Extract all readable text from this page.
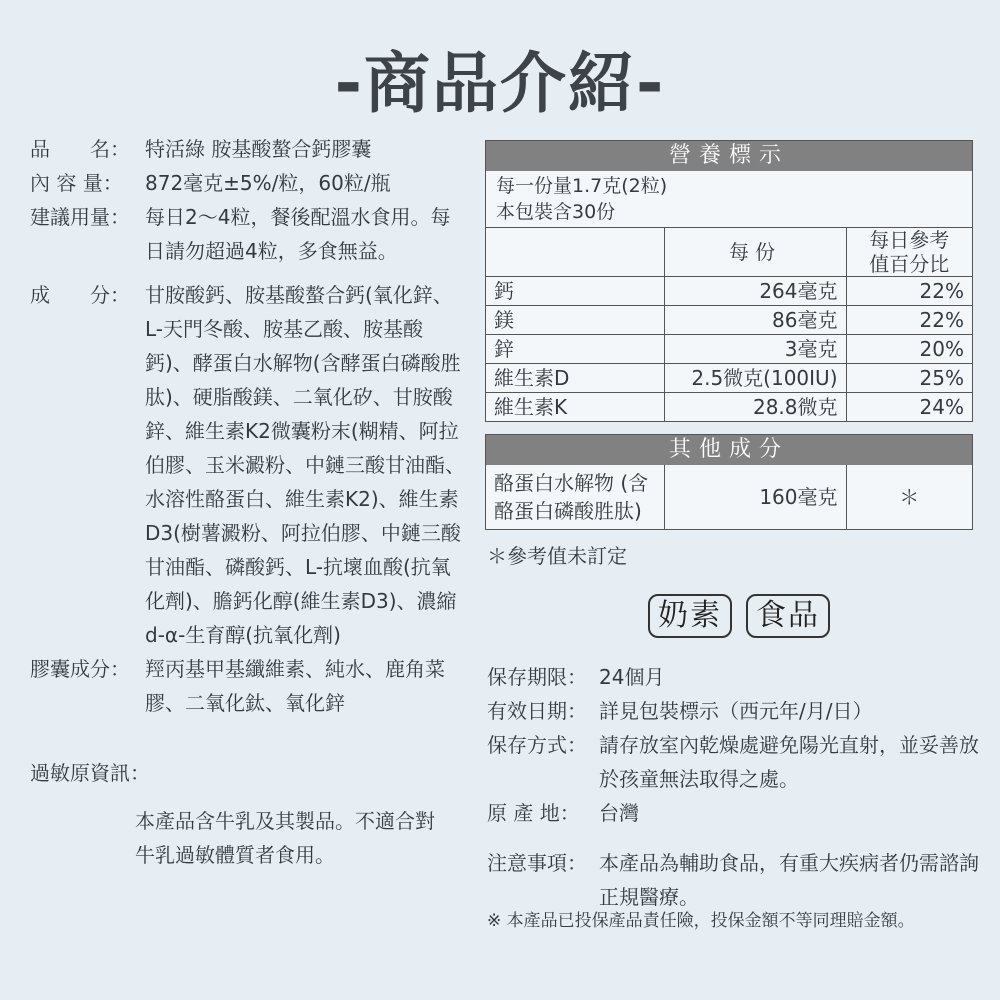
-商品介紹-
品　　名： 特活綠 胺基酸螯合鈣膠囊
內 容 量：	872毫克±5%/粒，60粒/瓶
建議用量： 每日2～4粒，餐後配溫水食用。每日請勿超過4粒，多食無益。
成　　分： 甘胺酸鈣、胺基酸螯合鈣(氧化鋅、L-天門冬酸、胺基乙酸、胺基酸鈣)、酵蛋白水解物(含酵蛋白磷酸胜肽)、硬脂酸鎂、二氧化矽、甘胺酸鋅、維生素K2微囊粉末(糊精、阿拉伯膠、玉米澱粉、中鏈三酸甘油酯、水溶性酪蛋白、維生素K2)、維生素D3(樹薯澱粉、阿拉伯膠、中鏈三酸甘油酯、磷酸鈣、L-抗壞血酸(抗氧化劑)、膽鈣化醇(維生素D3)、濃縮d-α-生育醇(抗氧化劑)
膠囊成分： 羥丙基甲基纖維素、純水、鹿角菜膠、二氧化鈦、氧化鋅
過敏原資訊：
本產品含牛乳及其製品。不適合對牛乳過敏體質者食用。
營養標示
每一份量1.7克(2粒)
本包裝含30份
	每份	每日參考
值百分比

鈣	264毫克	22%
鎂	86毫克	22%
鋅	3毫克	20%
維生素D	2.5微克(100IU)	25%
維生素K	28.8微克	24%
其他成分
酪蛋白水解物 (含
酪蛋白磷酸胜肽)
	160毫克	＊
＊參考值未訂定
奶素	食品
保存期限： 24個月
有效日期： 詳見包裝標示（西元年/月/日）
保存方式： 請存放室內乾燥處避免陽光直射，並妥善放於孩童無法取得之處。
原 產 地： 台灣
注意事項： 本產品為輔助食品，有重大疾病者仍需諮詢正規醫療。
※ 本產品已投保產品責任險，投保金額不等同理賠金額。
